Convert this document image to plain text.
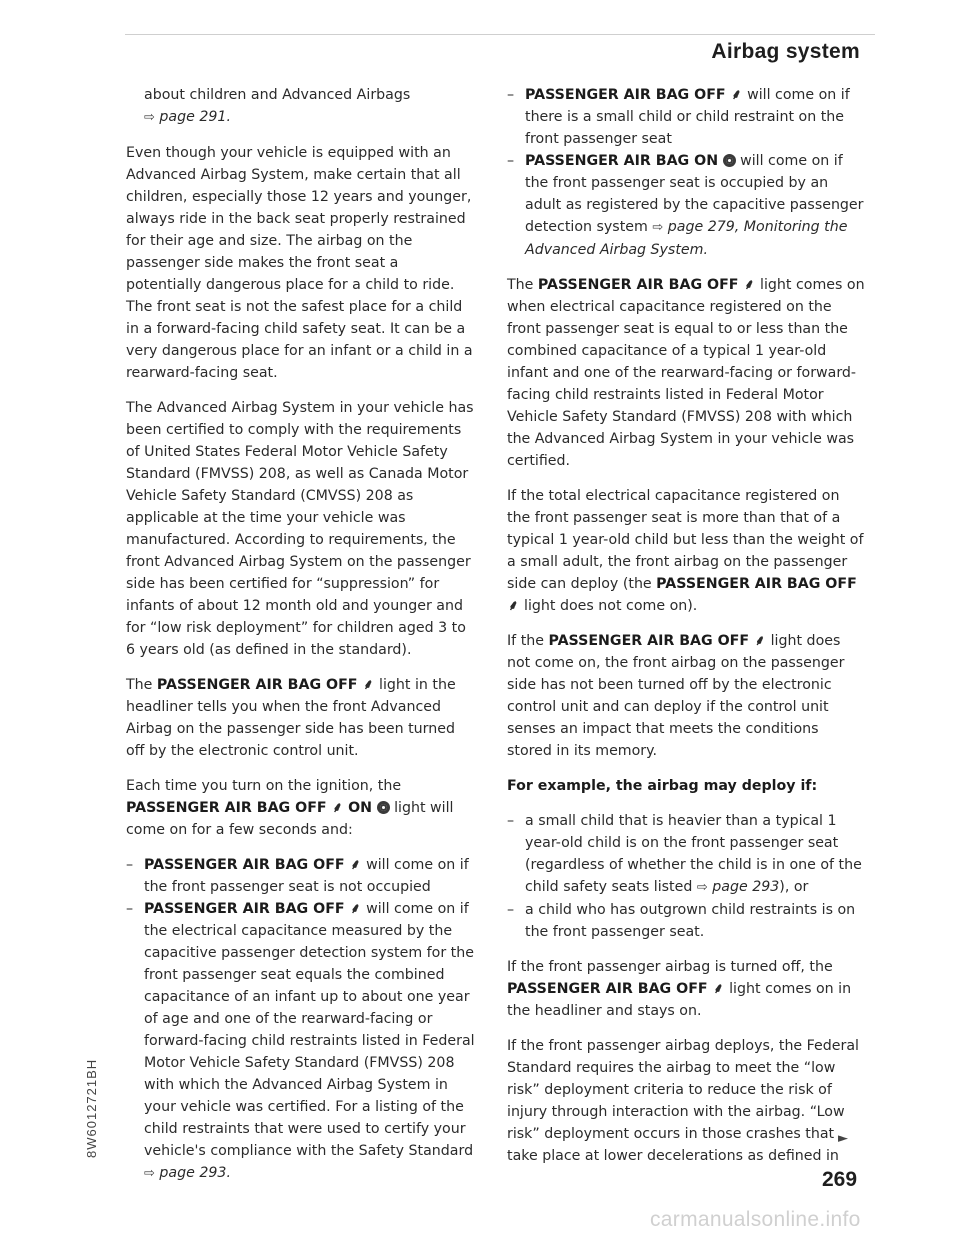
Airbag system

about children and Advanced Airbags
⇨ page 291.

Even though your vehicle is equipped with an Advanced Airbag System, make certain that all children, especially those 12 years and younger, always ride in the back seat properly restrained for their age and size. The airbag on the passenger side makes the front seat a potentially dangerous place for a child to ride. The front seat is not the safest place for a child in a forward-facing child safety seat. It can be a very dangerous place for an infant or a child in a rearward-facing seat.

The Advanced Airbag System in your vehicle has been certified to comply with the requirements of United States Federal Motor Vehicle Safety Standard (FMVSS) 208, as well as Canada Motor Vehicle Safety Standard (CMVSS) 208 as applicable at the time your vehicle was manufactured. According to requirements, the front Advanced Airbag System on the passenger side has been certified for “suppression” for infants of about 12 month old and younger and for “low risk deployment” for children aged 3 to 6 years old (as defined in the standard).

The PASSENGER AIR BAG OFF ⸙ light in the headliner tells you when the front Advanced Airbag on the passenger side has been turned off by the electronic control unit.

Each time you turn on the ignition, the PASSENGER AIR BAG OFF ⸙ ON  light will come on for a few seconds and:

– PASSENGER AIR BAG OFF ⸙ will come on if the front passenger seat is not occupied
– PASSENGER AIR BAG OFF ⸙ will come on if the electrical capacitance measured by the capacitive passenger detection system for the front passenger seat equals the combined capacitance of an infant up to about one year of age and one of the rearward-facing or forward-facing child restraints listed in Federal Motor Vehicle Safety Standard (FMVSS) 208 with which the Advanced Airbag System in your vehicle was certified. For a listing of the child restraints that were used to certify your vehicle's compliance with the Safety Standard
⇨ page 293.
– PASSENGER AIR BAG OFF ⸙ will come on if there is a small child or child restraint on the front passenger seat
– PASSENGER AIR BAG ON  will come on if the front passenger seat is occupied by an adult as registered by the capacitive passenger detection system ⇨ page 279, Monitoring the Advanced Airbag System.

The PASSENGER AIR BAG OFF ⸙ light comes on when electrical capacitance registered on the front passenger seat is equal to or less than the combined capacitance of a typical 1 year-old infant and one of the rearward-facing or forward-facing child restraints listed in Federal Motor Vehicle Safety Standard (FMVSS) 208 with which the Advanced Airbag System in your vehicle was certified.

If the total electrical capacitance registered on the front passenger seat is more than that of a typical 1 year-old child but less than the weight of a small adult, the front airbag on the passenger side can deploy (the PASSENGER AIR BAG OFF ⸙ light does not come on).

If the PASSENGER AIR BAG OFF ⸙ light does not come on, the front airbag on the passenger side has not been turned off by the electronic control unit and can deploy if the control unit senses an impact that meets the conditions stored in its memory.

For example, the airbag may deploy if:

– a small child that is heavier than a typical 1 year-old child is on the front passenger seat (regardless of whether the child is in one of the child safety seats listed ⇨ page 293), or
– a child who has outgrown child restraints is on the front passenger seat.

If the front passenger airbag is turned off, the PASSENGER AIR BAG OFF ⸙ light comes on in the headliner and stays on.

If the front passenger airbag deploys, the Federal Standard requires the airbag to meet the “low risk” deployment criteria to reduce the risk of injury through interaction with the airbag. “Low risk” deployment occurs in those crashes that take place at lower decelerations as defined in

►
8W6012721BH
269
carmanualsonline.info
